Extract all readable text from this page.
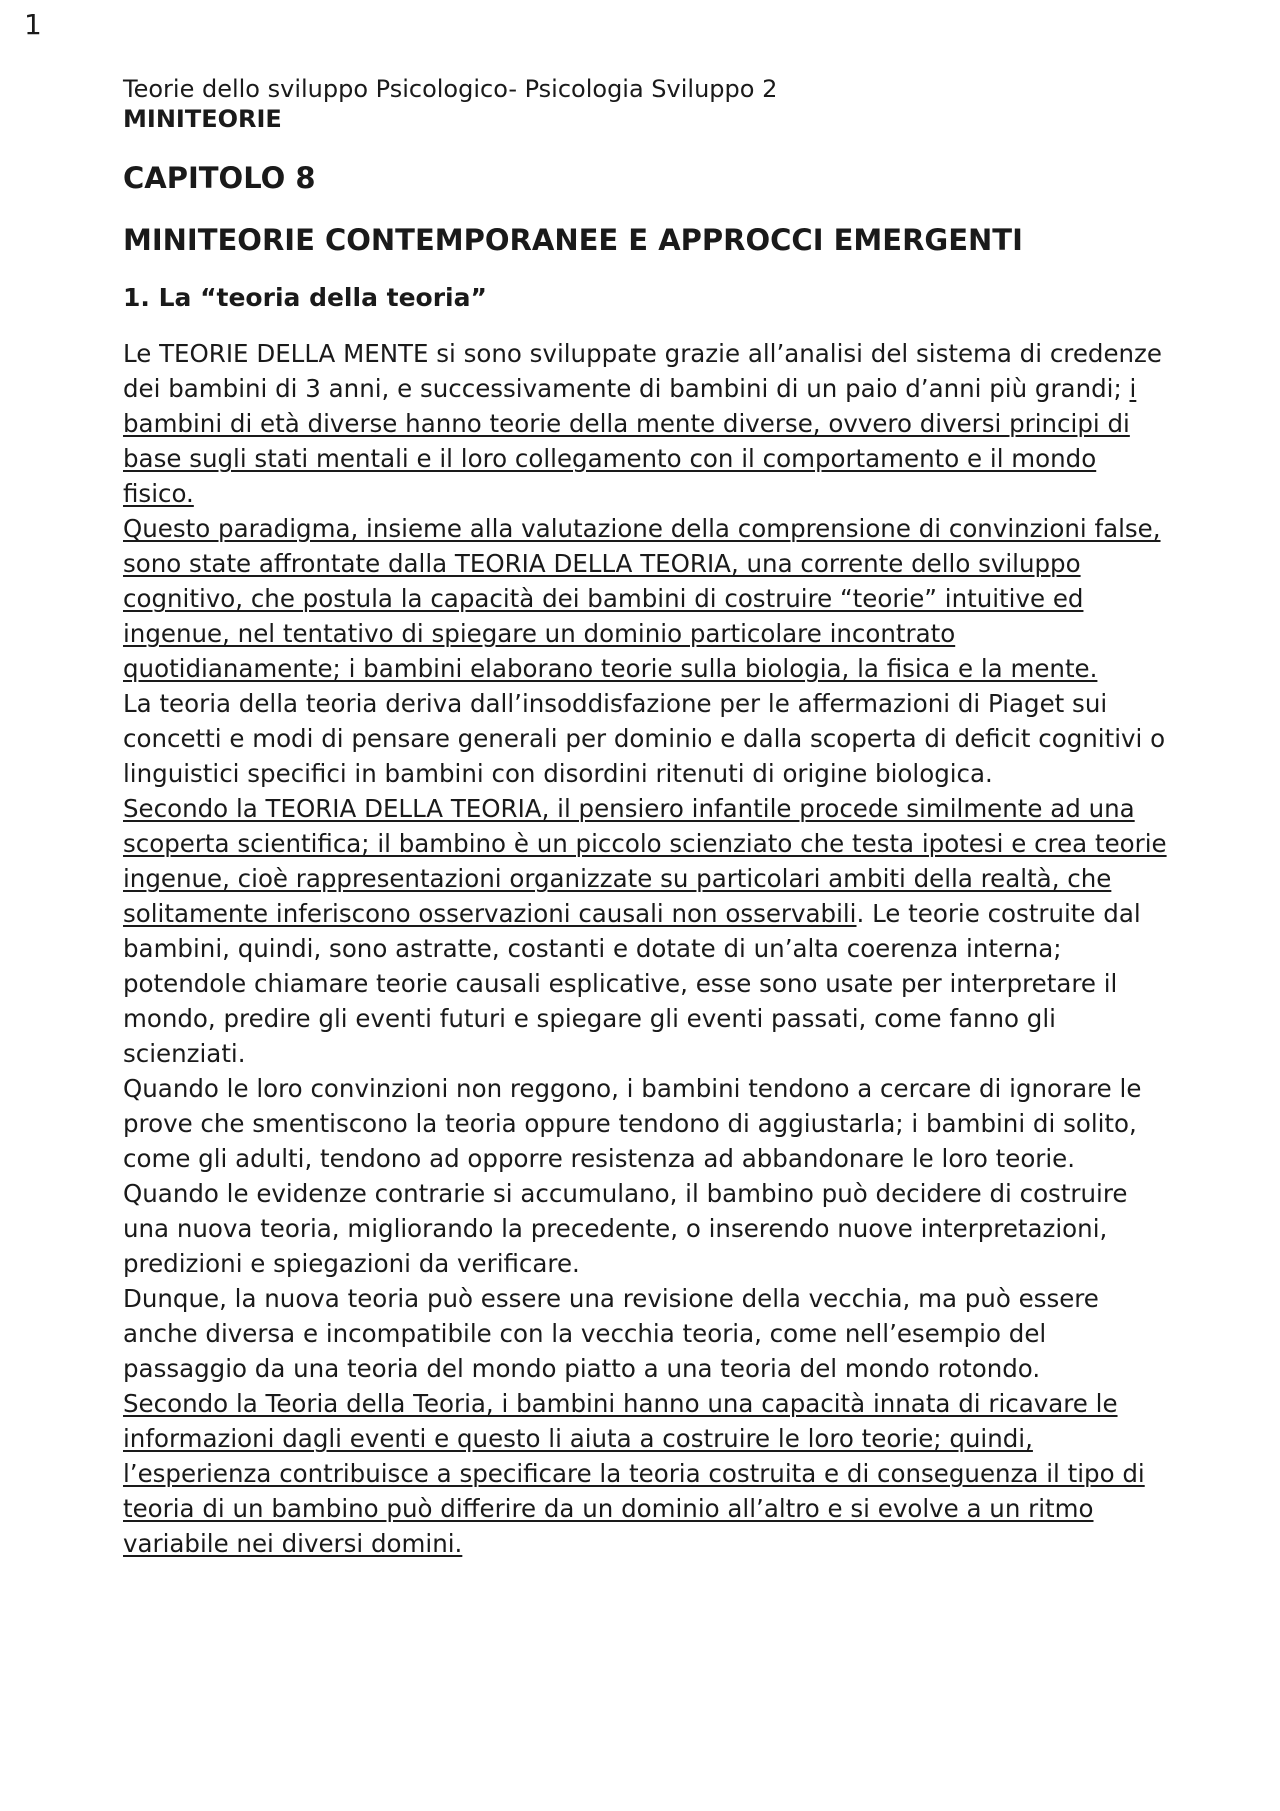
1

Teorie dello sviluppo Psicologico- Psicologia Sviluppo 2

MINITEORIE

CAPITOLO 8
MINITEORIE CONTEMPORANEE E APPROCCI EMERGENTI
1. La “teoria della teoria”

Le TEORIE DELLA MENTE si sono sviluppate grazie all’analisi del sistema di credenze dei bambini di 3 anni, e successivamente di bambini di un paio d’anni più grandi; i bambini di età diverse hanno teorie della mente diverse, ovvero diversi principi di base sugli stati mentali e il loro collegamento con il comportamento e il mondo fisico.

Questo paradigma, insieme alla valutazione della comprensione di convinzioni false, sono state affrontate dalla TEORIA DELLA TEORIA, una corrente dello sviluppo cognitivo, che postula la capacità dei bambini di costruire “teorie” intuitive ed ingenue, nel tentativo di spiegare un dominio particolare incontrato quotidianamente; i bambini elaborano teorie sulla biologia, la fisica e la mente.

La teoria della teoria deriva dall’insoddisfazione per le affermazioni di Piaget sui concetti e modi di pensare generali per dominio e dalla scoperta di deficit cognitivi o linguistici specifici in bambini con disordini ritenuti di origine biologica.

Secondo la TEORIA DELLA TEORIA, il pensiero infantile procede similmente ad una scoperta scientifica; il bambino è un piccolo scienziato che testa ipotesi e crea teorie ingenue, cioè rappresentazioni organizzate su particolari ambiti della realtà, che solitamente inferiscono osservazioni causali non osservabili. Le teorie costruite dal bambini, quindi, sono astratte, costanti e dotate di un’alta coerenza interna; potendole chiamare teorie causali esplicative, esse sono usate per interpretare il mondo, predire gli eventi futuri e spiegare gli eventi passati, come fanno gli scienziati.

Quando le loro convinzioni non reggono, i bambini tendono a cercare di ignorare le prove che smentiscono la teoria oppure tendono di aggiustarla; i bambini di solito, come gli adulti, tendono ad opporre resistenza ad abbandonare le loro teorie. Quando le evidenze contrarie si accumulano, il bambino può decidere di costruire una nuova teoria, migliorando la precedente, o inserendo nuove interpretazioni, predizioni e spiegazioni da verificare.

Dunque, la nuova teoria può essere una revisione della vecchia, ma può essere anche diversa e incompatibile con la vecchia teoria, come nell’esempio del passaggio da una teoria del mondo piatto a una teoria del mondo rotondo.

Secondo la Teoria della Teoria, i bambini hanno una capacità innata di ricavare le informazioni dagli eventi e questo li aiuta a costruire le loro teorie; quindi, l’esperienza contribuisce a specificare la teoria costruita e di conseguenza il tipo di teoria di un bambino può differire da un dominio all’altro e si evolve a un ritmo variabile nei diversi domini.
